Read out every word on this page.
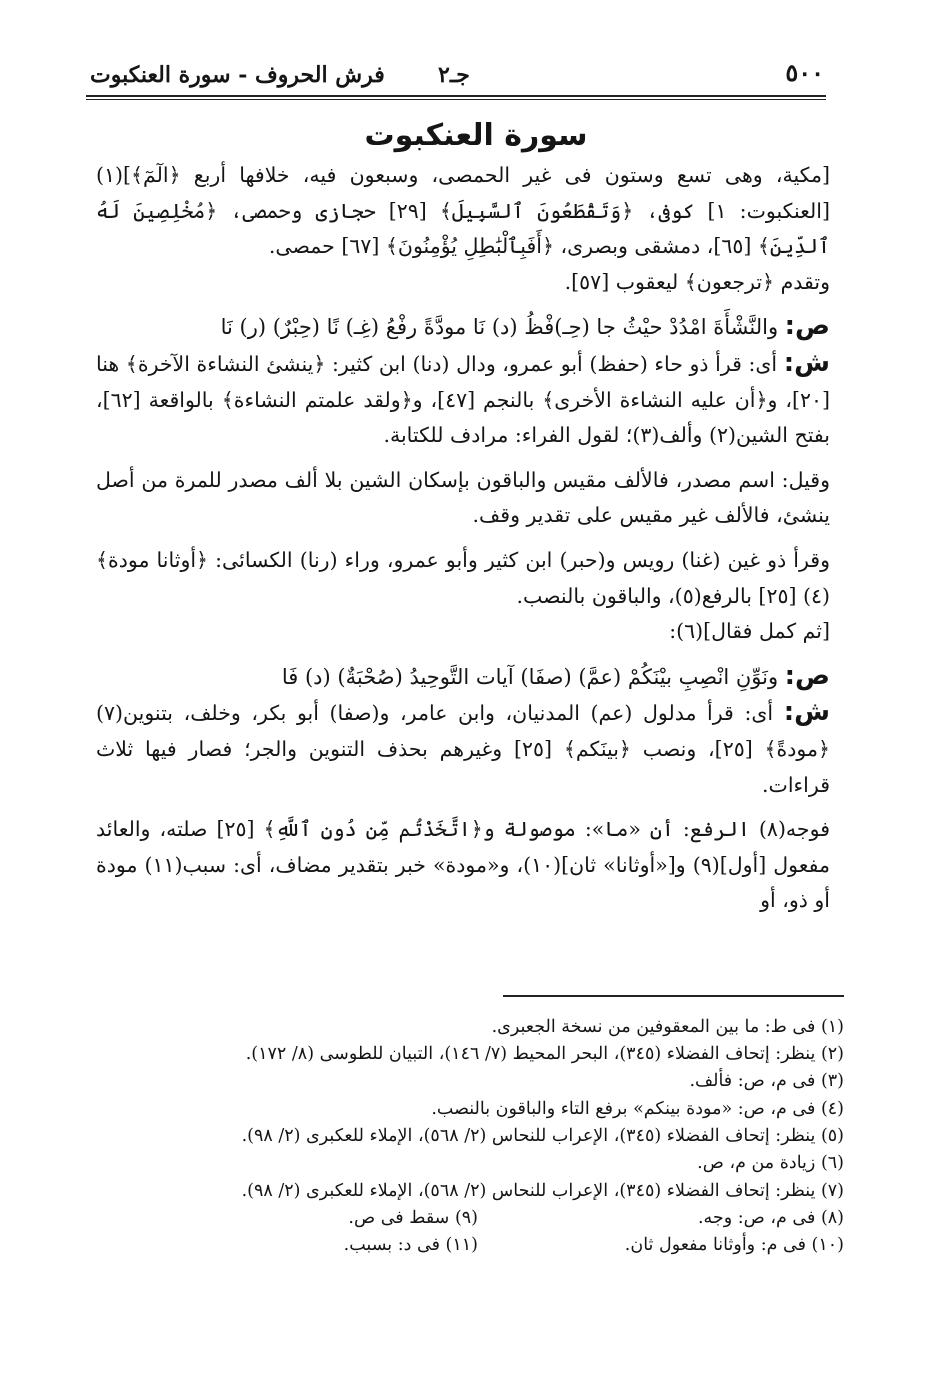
٥٠٠
جـ٢
فرش الحروف - سورة العنكبوت
سورة العنكبوت

[مكية، وهى تسع وستون فى غير الحمصى، وسبعون فيه، خلافها أربع ﴿الٓمٓ﴾](١) [العنكبوت: ١] كوفى، ﴿وَتَقْطَعُونَ ٱلسَّبِيلَ﴾ [٢٩] حجازى وحمصى، ﴿مُخْلِصِينَ لَهُ ٱلدِّينَ﴾ [٦٥]، دمشقى وبصرى، ﴿أَفَبِٱلْبَٰطِلِ يُؤْمِنُونَ﴾ [٦٧] حمصى.

وتقدم ﴿ترجعون﴾ ليعقوب [٥٧].

ص: والنَّشْأَةَ امْدُدْ حيْثُ جا (حِـ)فْظُ (د) نَا مودَّةً رفْعُ (غِـ) نًا (حِبْرٌ) (ر) نَا

ش: أى: قرأ ذو حاء (حفظ) أبو عمرو، ودال (دنا) ابن كثير: ﴿ينشئ النشاءة الآخرة﴾ هنا [٢٠]، و﴿أن عليه النشاءة الأخرى﴾ بالنجم [٤٧]، و﴿ولقد علمتم النشاءة﴾ بالواقعة [٦٢]، بفتح الشين(٢) وألف(٣)؛ لقول الفراء: مرادف للكتابة.

وقيل: اسم مصدر، فالألف مقيس والباقون بإسكان الشين بلا ألف مصدر للمرة من أصل ينشئ، فالألف غير مقيس على تقدير وقف.

وقرأ ذو غين (غنا) رويس و(حبر) ابن كثير وأبو عمرو، وراء (رنا) الكسائى: ﴿أوثانا مودة﴾(٤) [٢٥] بالرفع(٥)، والباقون بالنصب.

[ثم كمل فقال](٦):

ص: ونَوِّنِ انْصِبِ بيْنَكُمْ (عمَّ) (صفَا) آيات التَّوحِيدُ (صُحْبَةٌ) (د) فَا

ش: أى: قرأ مدلول (عم) المدنيان، وابن عامر، و(صفا) أبو بكر، وخلف، بتنوين(٧) ﴿مودةً﴾ [٢٥]، ونصب ﴿بينَكم﴾ [٢٥] وغيرهم بحذف التنوين والجر؛ فصار فيها ثلاث قراءات.

فوجه(٨) الرفع: أن «ما»: موصولة و﴿اتَّخَذْتُم مِّن دُونِ ٱللَّهِ﴾ [٢٥] صلته، والعائد مفعول [أول](٩) و[«أوثانا» ثان](١٠)، و«مودة» خبر بتقدير مضاف، أى: سبب(١١) مودة أو ذو، أو

(١) فى ط: ما بين المعقوفين من نسخة الجعبرى.
(٢) ينظر: إتحاف الفضلاء (٣٤٥)، البحر المحيط (٧/ ١٤٦)، التبيان للطوسى (٨/ ١٧٢).
(٣) فى م، ص: فألف.
(٤) فى م، ص: «مودة بينكم» برفع التاء والباقون بالنصب.
(٥) ينظر: إتحاف الفضلاء (٣٤٥)، الإعراب للنحاس (٢/ ٥٦٨)، الإملاء للعكبرى (٢/ ٩٨).
(٦) زيادة من م، ص.
(٧) ينظر: إتحاف الفضلاء (٣٤٥)، الإعراب للنحاس (٢/ ٥٦٨)، الإملاء للعكبرى (٢/ ٩٨).
(٨) فى م، ص: وجه.
(١٠) فى م: وأوثانا مفعول ثان.
(٩) سقط فى ص.
(١١) فى د: بسبب.
